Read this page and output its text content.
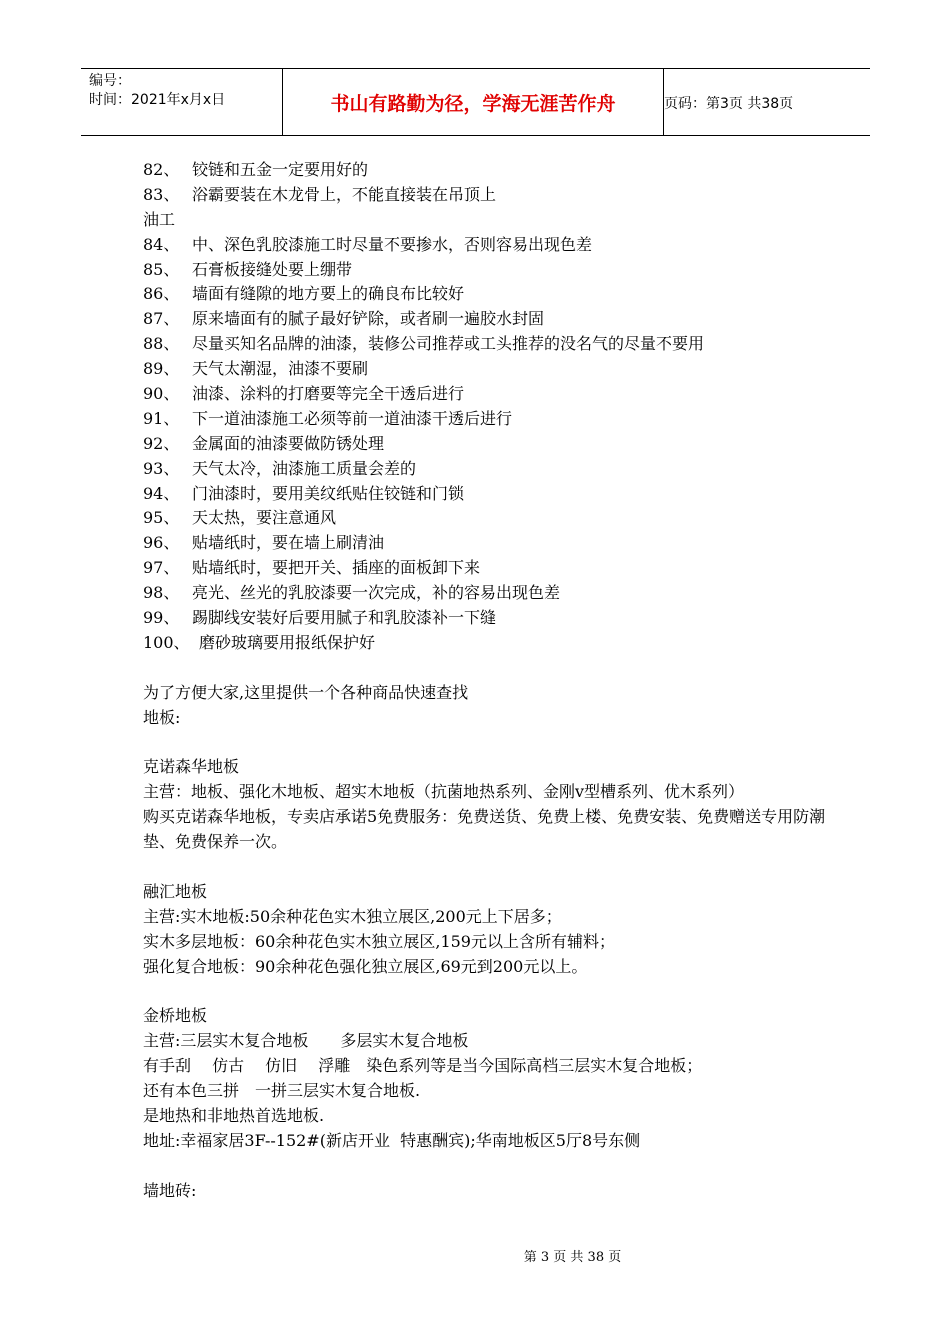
编号：
时间：2021年x月x日	书山有路勤为径，学海无涯苦作舟	页码：第3页 共38页
82、 铰链和五金一定要用好的
83、 浴霸要装在木龙骨上，不能直接装在吊顶上
油工
84、 中、深色乳胶漆施工时尽量不要掺水，否则容易出现色差
85、 石膏板接缝处要上绷带
86、 墙面有缝隙的地方要上的确良布比较好
87、 原来墙面有的腻子最好铲除，或者刷一遍胶水封固
88、 尽量买知名品牌的油漆，装修公司推荐或工头推荐的没名气的尽量不要用
89、 天气太潮湿，油漆不要刷
90、 油漆、涂料的打磨要等完全干透后进行
91、 下一道油漆施工必须等前一道油漆干透后进行
92、 金属面的油漆要做防锈处理
93、 天气太冷，油漆施工质量会差的
94、 门油漆时，要用美纹纸贴住铰链和门锁
95、 天太热，要注意通风
96、 贴墙纸时，要在墙上刷清油
97、 贴墙纸时，要把开关、插座的面板卸下来
98、 亮光、丝光的乳胶漆要一次完成，补的容易出现色差
99、 踢脚线安装好后要用腻子和乳胶漆补一下缝
100、 磨砂玻璃要用报纸保护好
为了方便大家,这里提供一个各种商品快速查找
地板:
克诺森华地板
主营：地板、强化木地板、超实木地板（抗菌地热系列、金刚v型槽系列、优木系列）
购买克诺森华地板，专卖店承诺5免费服务：免费送货、免费上楼、免费安装、免费赠送专用防潮垫、免费保养一次。
融汇地板
主营:实木地板:50余种花色实木独立展区,200元上下居多；
实木多层地板：60余种花色实木独立展区,159元以上含所有辅料；
强化复合地板：90余种花色强化独立展区,69元到200元以上。
金桥地板
主营:三层实木复合地板　　多层实木复合地板
有手刮　 仿古　 仿旧　 浮雕　染色系列等是当今国际高档三层实木复合地板；
还有本色三拼　一拼三层实木复合地板.
是地热和非地热首选地板.
地址:幸福家居3F--152#(新店开业  特惠酬宾);华南地板区5厅8号东侧
墙地砖:
第 3 页 共 38 页
